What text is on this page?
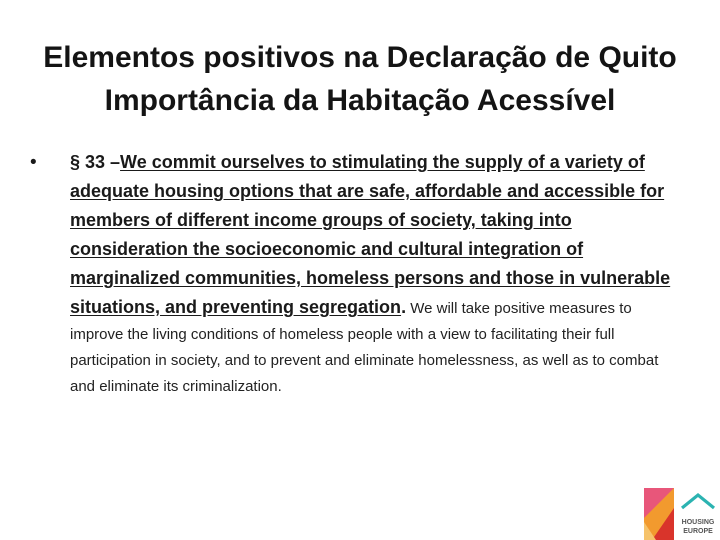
Elementos positivos na Declaração de Quito
Importância da Habitação Acessível
• § 33 –We commit ourselves to stimulating the supply of a variety of adequate housing options that are safe, affordable and accessible for members of different income groups of society, taking into consideration the socioeconomic and cultural integration of marginalized communities, homeless persons and those in vulnerable situations, and preventing segregation. We will take positive measures to improve the living conditions of homeless people with a view to facilitating their full participation in society, and to prevent and eliminate homelessness, as well as to combat and eliminate its criminalization.

HOUSING
EUROPE
